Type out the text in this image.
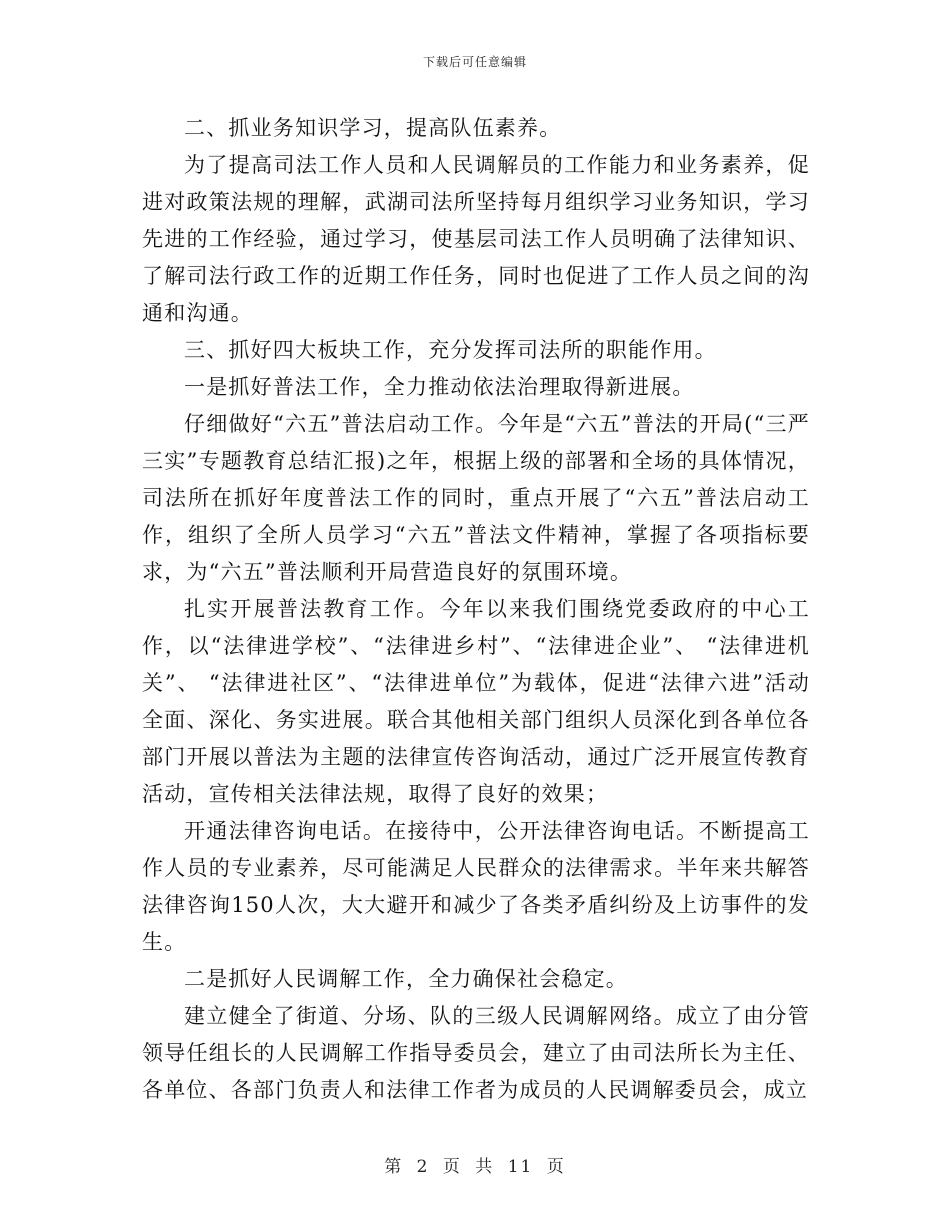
下载后可任意编辑

二、抓业务知识学习，提高队伍素养。

为了提高司法工作人员和人民调解员的工作能力和业务素养，促进对政策法规的理解，武湖司法所坚持每月组织学习业务知识，学习先进的工作经验，通过学习，使基层司法工作人员明确了法律知识、了解司法行政工作的近期工作任务，同时也促进了工作人员之间的沟通和沟通。

三、抓好四大板块工作，充分发挥司法所的职能作用。

一是抓好普法工作，全力推动依法治理取得新进展。

仔细做好“六五”普法启动工作。今年是“六五”普法的开局(“三严三实”专题教育总结汇报)之年，根据上级的部署和全场的具体情况，司法所在抓好年度普法工作的同时，重点开展了“六五”普法启动工作，组织了全所人员学习“六五”普法文件精神，掌握了各项指标要求，为“六五”普法顺利开局营造良好的氛围环境。

扎实开展普法教育工作。今年以来我们围绕党委政府的中心工作，以“法律进学校”、“法律进乡村”、“法律进企业”、 “法律进机关”、 “法律进社区”、“法律进单位”为载体，促进“法律六进”活动全面、深化、务实进展。联合其他相关部门组织人员深化到各单位各部门开展以普法为主题的法律宣传咨询活动，通过广泛开展宣传教育活动，宣传相关法律法规，取得了良好的效果；

开通法律咨询电话。在接待中，公开法律咨询电话。不断提高工作人员的专业素养，尽可能满足人民群众的法律需求。半年来共解答法律咨询150人次，大大避开和减少了各类矛盾纠纷及上访事件的发生。

二是抓好人民调解工作，全力确保社会稳定。

建立健全了街道、分场、队的三级人民调解网络。成立了由分管领导任组长的人民调解工作指导委员会，建立了由司法所长为主任、各单位、各部门负责人和法律工作者为成员的人民调解委员会，成立

第 2 页 共 11 页
